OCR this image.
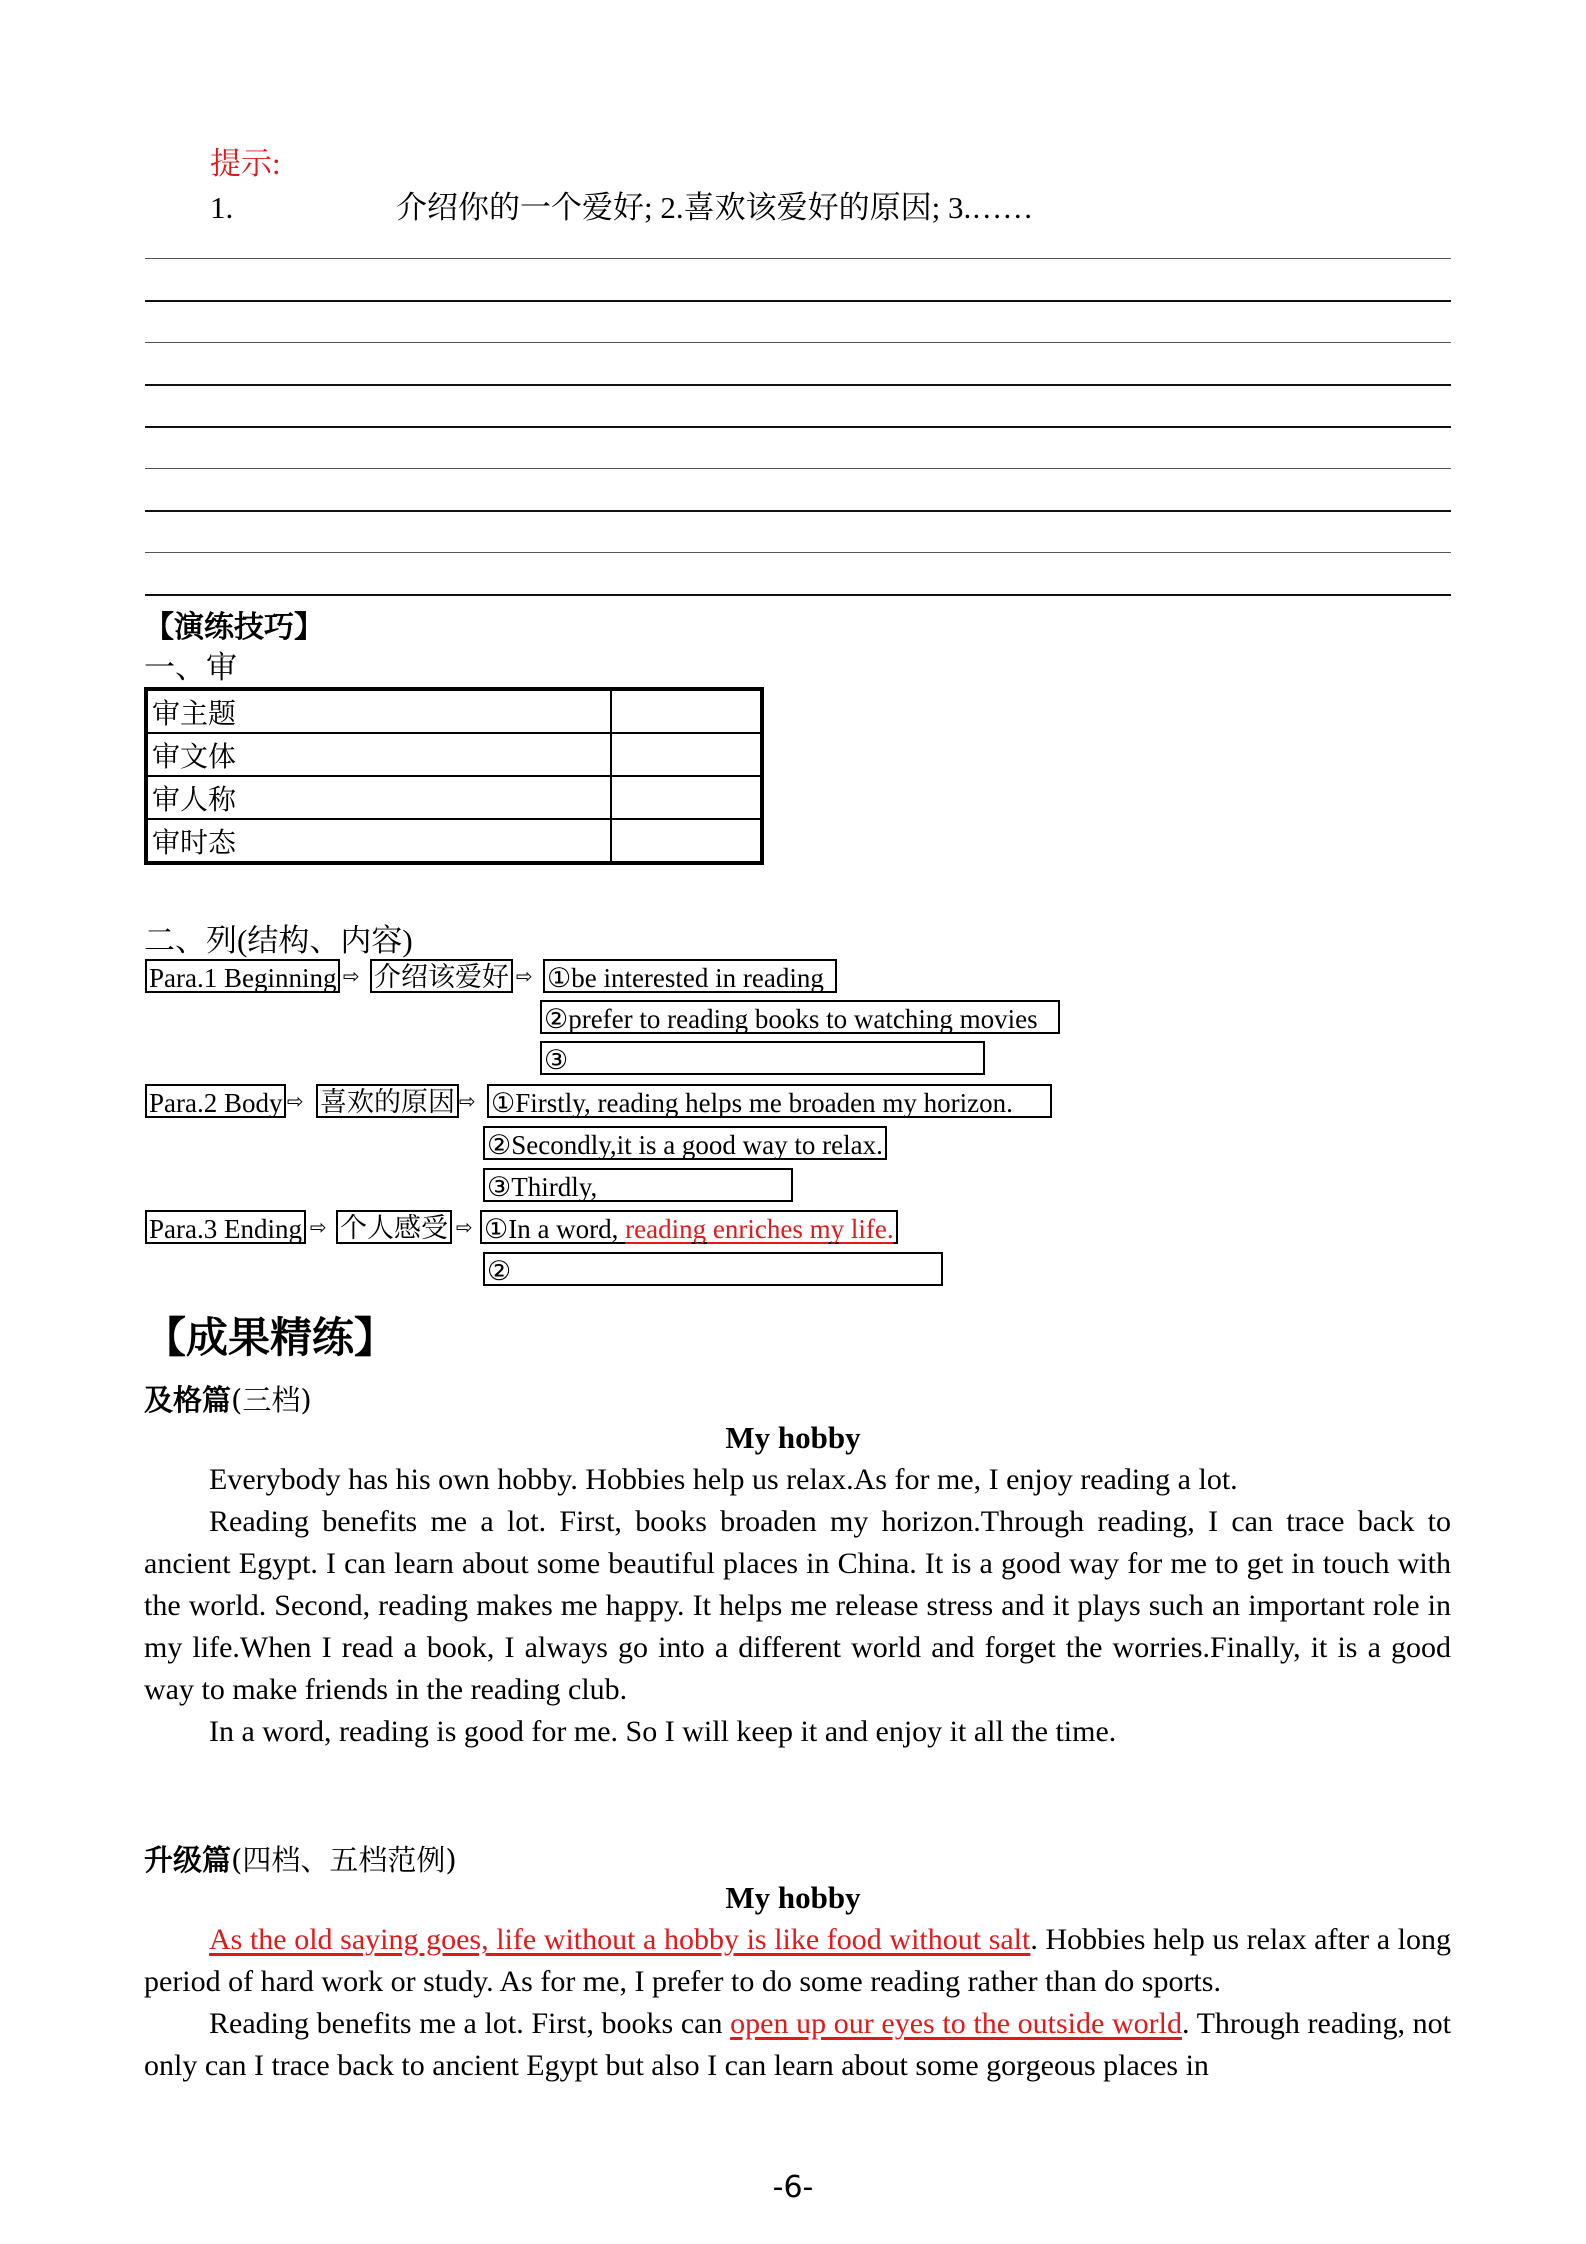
提示:
1.	介绍你的一个爱好; 2.喜欢该爱好的原因; 3.……
【演练技巧】
一、审
审主题	
审文体	
审人称	
审时态	
二、列(结构、内容)
Para.1 Beginning ⇨ 介绍该爱好 ⇨ ①be interested in reading
②prefer to reading books to watching movies
③
Para.2 Body ⇨ 喜欢的原因 ⇨ ①Firstly, reading helps me broaden my horizon.
②Secondly,it is a good way to relax.
③Thirdly,
Para.3 Ending ⇨ 个人感受 ⇨ ①In a word, reading enriches my life.
②
【成果精练】
及格篇(三档)
My hobby

Everybody has his own hobby. Hobbies help us relax.As for me, I enjoy reading a lot.

Reading benefits me a lot. First, books broaden my horizon.Through reading, I can trace back to ancient Egypt. I can learn about some beautiful places in China. It is a good way for me to get in touch with the world. Second, reading makes me happy. It helps me release stress and it plays such an important role in my life.When I read a book, I always go into a different world and forget the worries.Finally, it is a good way to make friends in the reading club.

In a word, reading is good for me. So I will keep it and enjoy it all the time.

升级篇(四档、五档范例)
My hobby

As the old saying goes, life without a hobby is like food without salt. Hobbies help us relax after a long period of hard work or study. As for me, I prefer to do some reading rather than do sports.

Reading benefits me a lot. First, books can open up our eyes to the outside world. Through reading, not only can I trace back to ancient Egypt but also I can learn about some gorgeous places in

-6-
